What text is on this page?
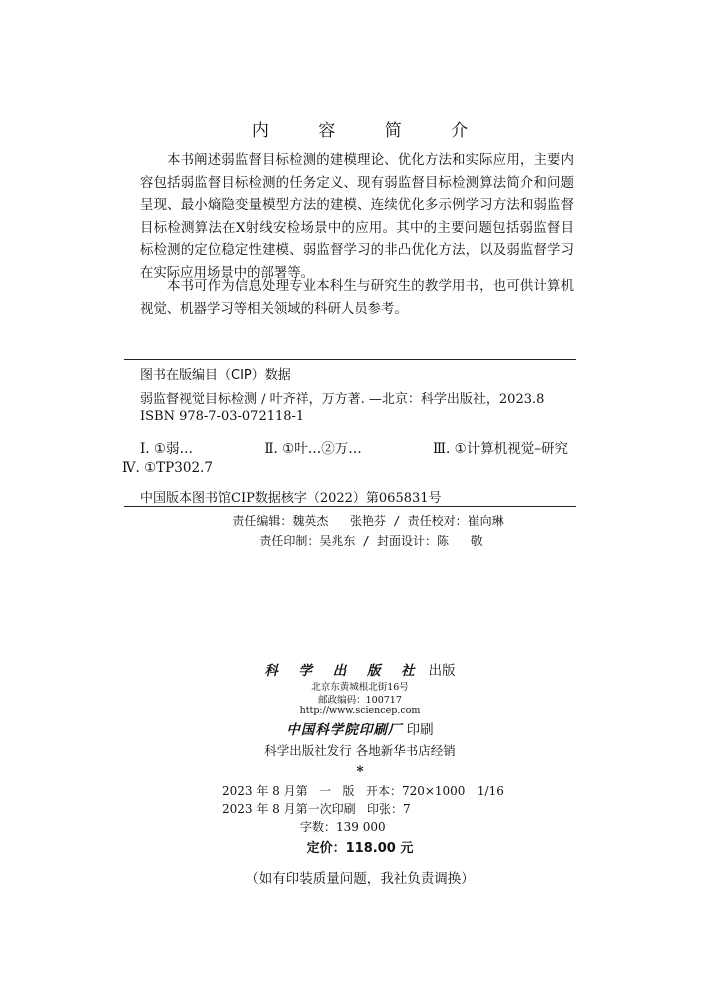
内 容 简 介

本书阐述弱监督目标检测的建模理论、优化方法和实际应用，主要内容包括弱监督目标检测的任务定义、现有弱监督目标检测算法简介和问题呈现、最小熵隐变量模型方法的建模、连续优化多示例学习方法和弱监督目标检测算法在X射线安检场景中的应用。其中的主要问题包括弱监督目标检测的定位稳定性建模、弱监督学习的非凸优化方法，以及弱监督学习在实际应用场景中的部署等。

本书可作为信息处理专业本科生与研究生的教学用书，也可供计算机视觉、机器学习等相关领域的科研人员参考。

图书在版编目（CIP）数据
弱监督视觉目标检测 / 叶齐祥，万方著. —北京：科学出版社，2023.8
ISBN 978-7-03-072118-1
Ⅰ. ①弱…	Ⅱ. ①叶…②万…	Ⅲ. ①计算机视觉–研究
Ⅳ. ①TP302.7
中国版本图书馆CIP数据核字（2022）第065831号
责任编辑：魏英杰   张艳芬 / 责任校对：崔向琳
责任印制：吴兆东 / 封面设计：陈   敬
科 学 出 版 社 出版
北京东黄城根北街16号
邮政编码：100717
http://www.sciencep.com
中国科学院印刷厂 印刷
科学出版社发行 各地新华书店经销
*
2023 年 8 月第   一   版   开本：720×1000   1/16
2023 年 8 月第一次印刷   印张：7
字数：139 000
定价：118.00 元
（如有印装质量问题，我社负责调换）
